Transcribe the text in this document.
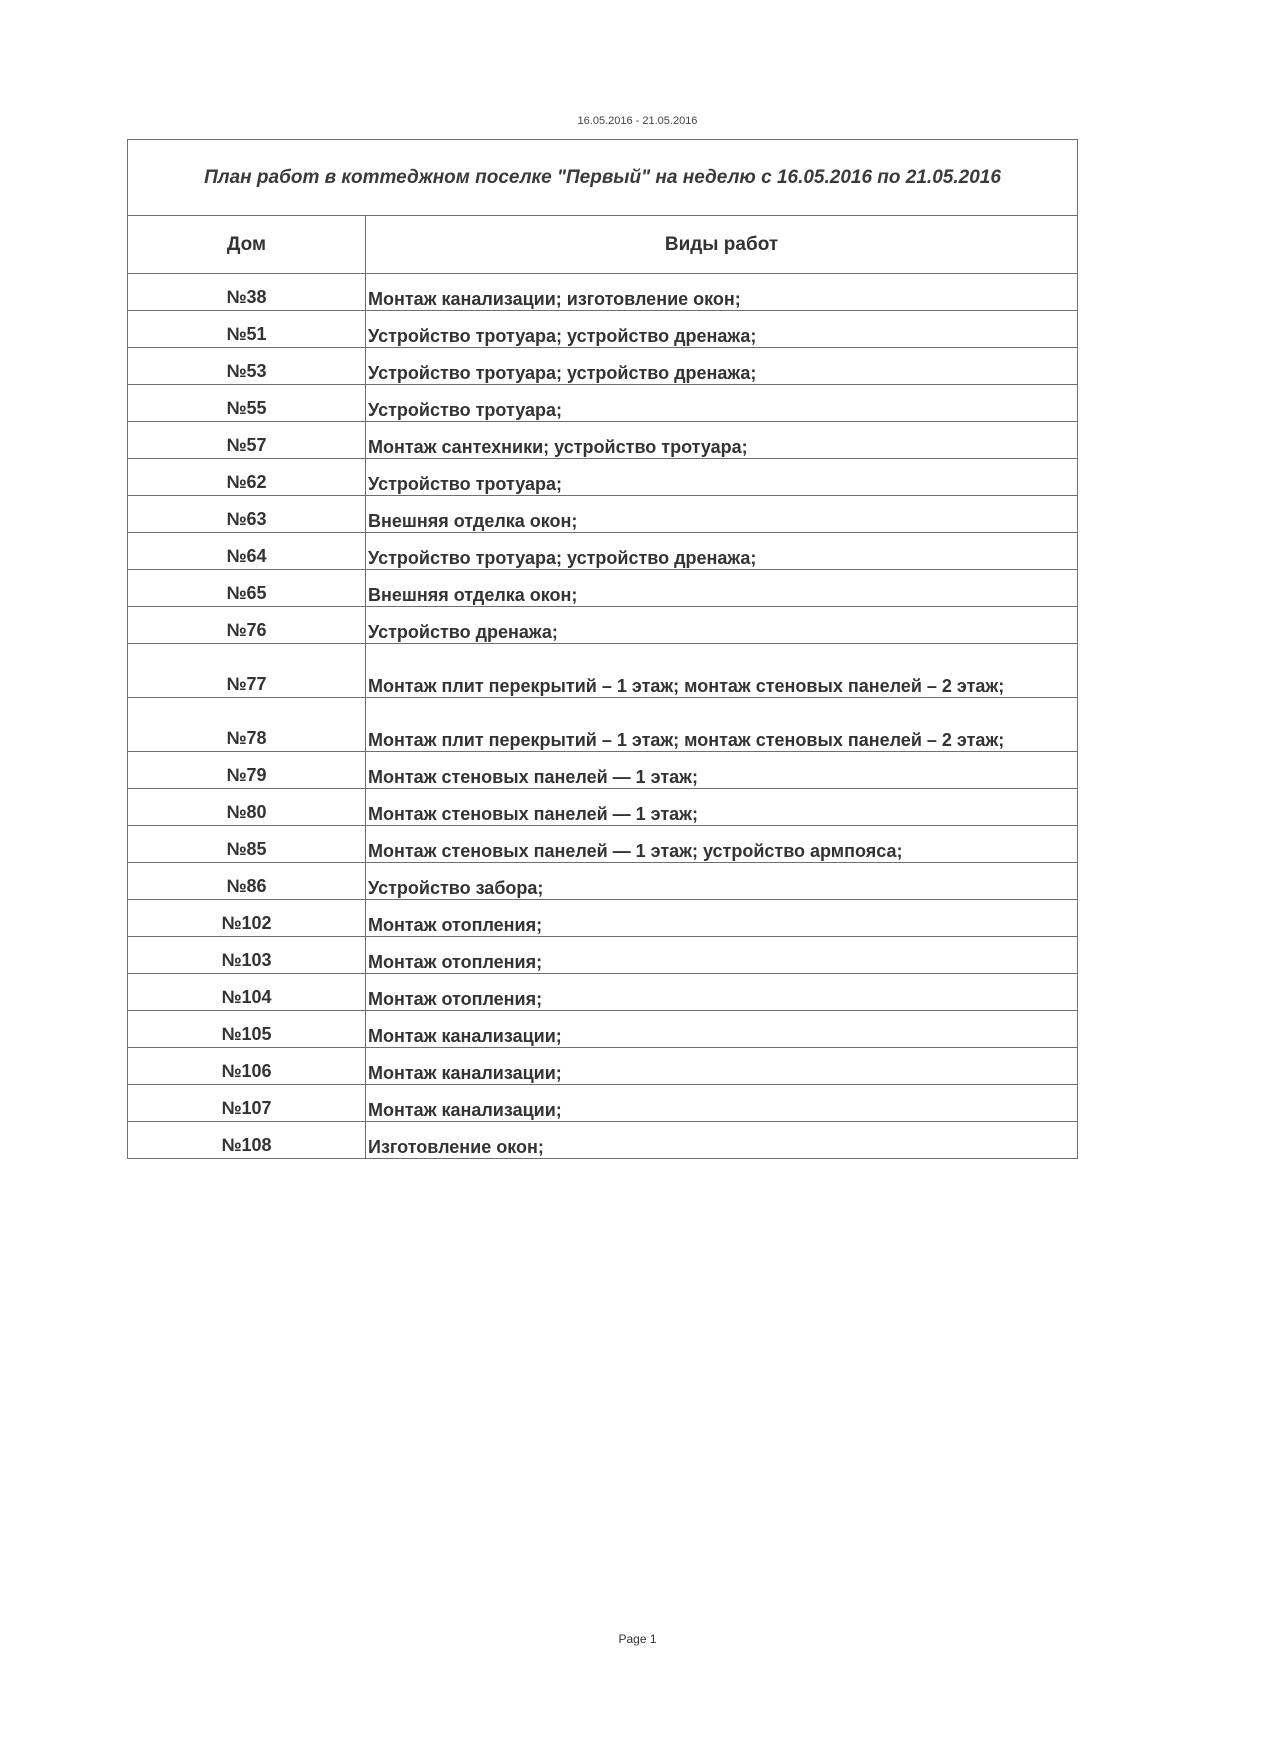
16.05.2016 - 21.05.2016
План работ в коттеджном поселке "Первый" на неделю с 16.05.2016 по 21.05.2016	
Дом	Виды работ
№38	Монтаж канализации; изготовление окон;
№51	Устройство тротуара; устройство дренажа;
№53	Устройство тротуара; устройство дренажа;
№55	Устройство тротуара;
№57	Монтаж сантехники; устройство тротуара;
№62	Устройство тротуара;
№63	Внешняя отделка окон;
№64	Устройство тротуара; устройство дренажа;
№65	Внешняя отделка окон;
№76	Устройство дренажа;
№77	Монтаж плит перекрытий – 1 этаж; монтаж стеновых панелей – 2 этаж;
№78	Монтаж плит перекрытий – 1 этаж; монтаж стеновых панелей – 2 этаж;
№79	Монтаж стеновых панелей — 1 этаж;
№80	Монтаж стеновых панелей — 1 этаж;
№85	Монтаж стеновых панелей — 1 этаж; устройство армпояса;
№86	Устройство забора;
№102	Монтаж отопления;
№103	Монтаж отопления;
№104	Монтаж отопления;
№105	Монтаж канализации;
№106	Монтаж канализации;
№107	Монтаж канализации;
№108	Изготовление окон;
Page 1
